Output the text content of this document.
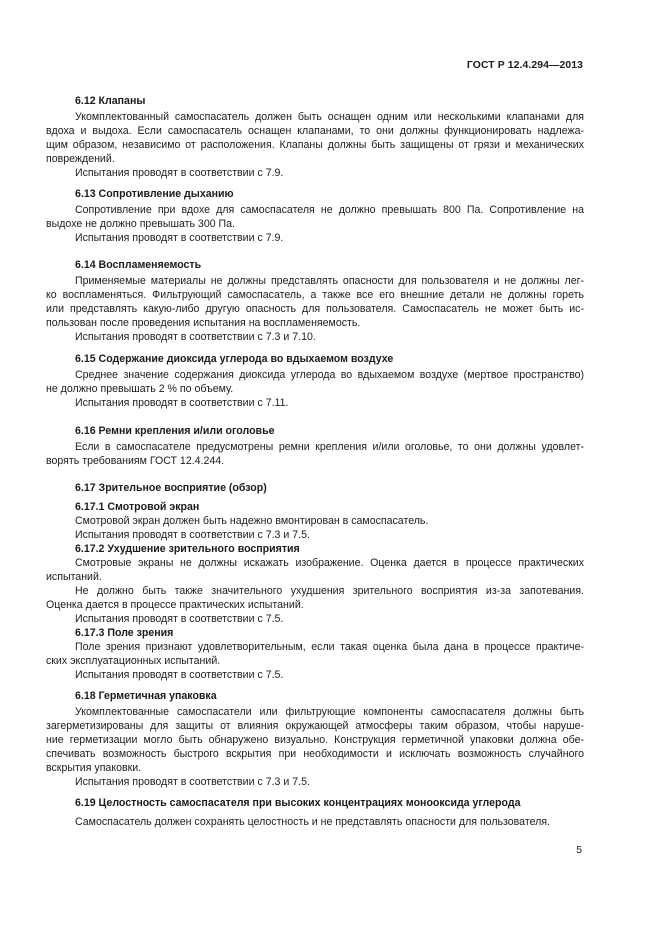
ГОСТ Р 12.4.294—2013
6.12 Клапаны
Укомплектованный самоспасатель должен быть оснащен одним или несколькими клапанами для
вдоха и выдоха. Если самоспасатель оснащен клапанами, то они должны функционировать надлежа-
щим образом, независимо от расположения. Клапаны должны быть защищены от грязи и механических
повреждений.
Испытания проводят в соответствии с 7.9.
6.13 Сопротивление дыханию
Сопротивление при вдохе для самоспасателя не должно превышать 800 Па. Сопротивление на
выдохе не должно превышать 300 Па.
Испытания проводят в соответствии с 7.9.
6.14 Воспламеняемость
Применяемые материалы не должны представлять опасности для пользователя и не должны лег-
ко воспламеняться. Фильтрующий самоспасатель, а также все его внешние детали не должны гореть
или представлять какую-либо другую опасность для пользователя. Самоспасатель не может быть ис-
пользован после проведения испытания на воспламеняемость.
Испытания проводят в соответствии с 7.3 и 7.10.
6.15 Содержание диоксида углерода во вдыхаемом воздухе
Среднее значение содержания диоксида углерода во вдыхаемом воздухе (мертвое пространство)
не должно превышать 2 % по объему.
Испытания проводят в соответствии с 7.11.
6.16 Ремни крепления и/или оголовье
Если в самоспасателе предусмотрены ремни крепления и/или оголовье, то они должны удовлет-
ворять требованиям ГОСТ 12.4.244.
6.17 Зрительное восприятие (обзор)
6.17.1 Смотровой экран
Смотровой экран должен быть надежно вмонтирован в самоспасатель.
Испытания проводят в соответствии с 7.3 и 7.5.
6.17.2 Ухудшение зрительного восприятия
Смотровые экраны не должны искажать изображение. Оценка дается в процессе практических
испытаний.
Не должно быть также значительного ухудшения зрительного восприятия из-за запотевания.
Оценка дается в процессе практических испытаний.
Испытания проводят в соответствии с 7.5.
6.17.3 Поле зрения
Поле зрения признают удовлетворительным, если такая оценка была дана в процессе практиче-
ских эксплуатационных испытаний.
Испытания проводят в соответствии с 7.5.
6.18 Герметичная упаковка
Укомплектованные самоспасатели или фильтрующие компоненты самоспасателя должны быть
загерметизированы для защиты от влияния окружающей атмосферы таким образом, чтобы наруше-
ние герметизации могло быть обнаружено визуально. Конструкция герметичной упаковки должна обе-
спечивать возможность быстрого вскрытия при необходимости и исключать возможность случайного
вскрытия упаковки.
Испытания проводят в соответствии с 7.3 и 7.5.
6.19 Целостность самоспасателя при высоких концентрациях монооксида углерода
Самоспасатель должен сохранять целостность и не представлять опасности для пользователя.
5
